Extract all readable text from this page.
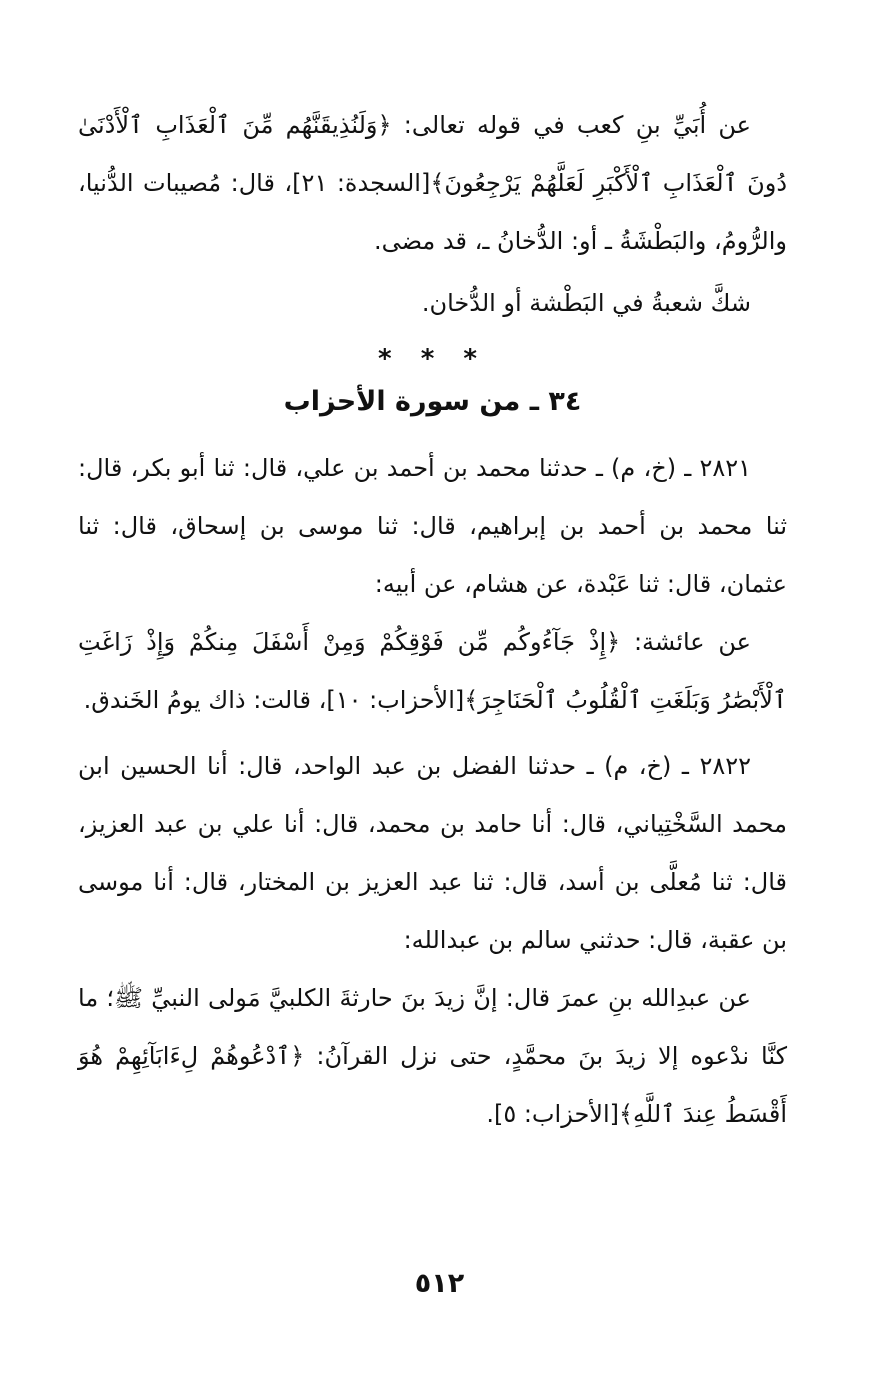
عن أُبَيِّ بنِ كعب في قوله تعالى: ﴿وَلَنُذِيقَنَّهُم مِّنَ ٱلْعَذَابِ ٱلْأَدْنَىٰ دُونَ ٱلْعَذَابِ ٱلْأَكْبَرِ لَعَلَّهُمْ يَرْجِعُونَ﴾[السجدة: ٢١]، قال: مُصيبات الدُّنيا، والرُّومُ، والبَطْشَةُ ـ أو: الدُّخانُ ـ، قد مضى.

شكَّ شعبةُ في البَطْشة أو الدُّخان.

* * *
٣٤ ـ من سورة الأحزاب

٢٨٢١ ـ (خ، م) ـ حدثنا محمد بن أحمد بن علي، قال: ثنا أبو بكر، قال: ثنا محمد بن أحمد بن إبراهيم، قال: ثنا موسى بن إسحاق، قال: ثنا عثمان، قال: ثنا عَبْدة، عن هشام، عن أبيه:

عن عائشة: ﴿إِذْ جَآءُوكُم مِّن فَوْقِكُمْ وَمِنْ أَسْفَلَ مِنكُمْ وَإِذْ زَاغَتِ ٱلْأَبْصَٰرُ وَبَلَغَتِ ٱلْقُلُوبُ ٱلْحَنَاجِرَ﴾[الأحزاب: ١٠]، قالت: ذاك يومُ الخَندق.

٢٨٢٢ ـ (خ، م) ـ حدثنا الفضل بن عبد الواحد، قال: أنا الحسين ابن محمد السَّخْتِياني، قال: أنا حامد بن محمد، قال: أنا علي بن عبد العزيز، قال: ثنا مُعلَّى بن أسد، قال: ثنا عبد العزيز بن المختار، قال: أنا موسى بن عقبة، قال: حدثني سالم بن عبدالله:

عن عبدِالله بنِ عمرَ قال: إنَّ زيدَ بنَ حارثةَ الكلبيَّ مَولى النبيِّ ﷺ؛ ما كنَّا ندْعوه إلا زيدَ بنَ محمَّدٍ، حتى نزل القرآنُ: ﴿ٱدْعُوهُمْ لِءَابَآئِهِمْ هُوَ أَقْسَطُ عِندَ ٱللَّهِ﴾[الأحزاب: ٥].

٥١٢
